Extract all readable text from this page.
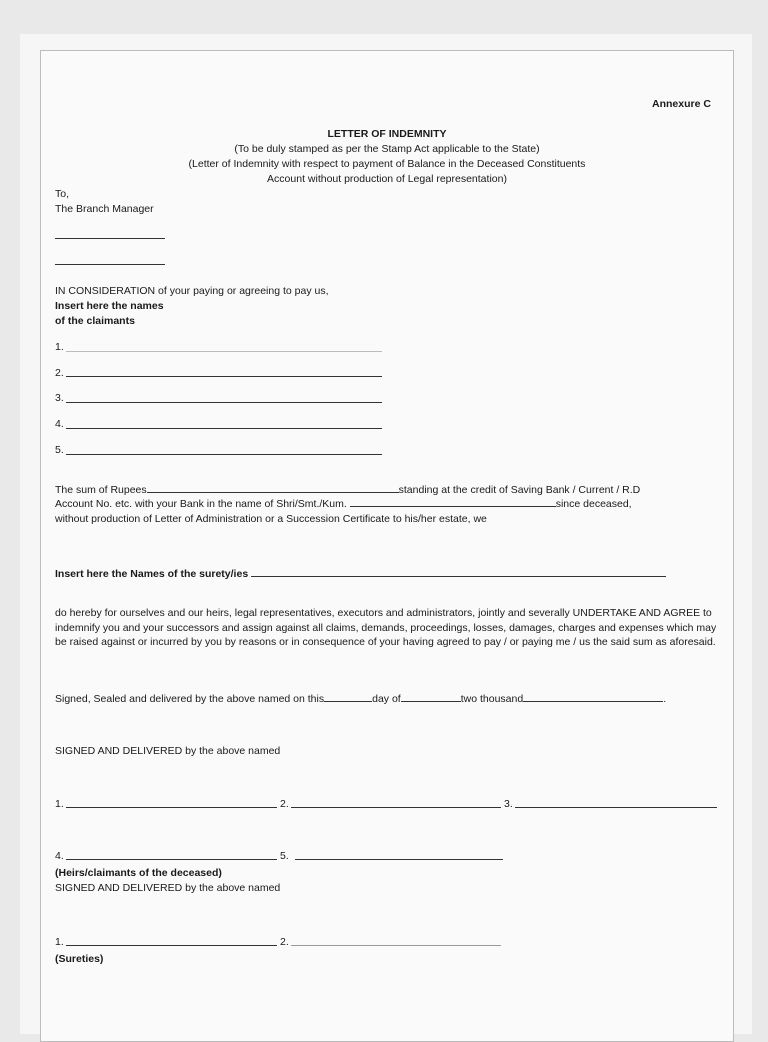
Annexure C
LETTER OF INDEMNITY
(To be duly stamped as per the Stamp Act applicable to the State)
(Letter of Indemnity with respect to payment of Balance in the Deceased Constituents
Account without production of Legal representation)
To,
The Branch Manager
IN CONSIDERATION of your paying or agreeing to pay us,
Insert here the names
of the claimants
1.
2.
3.
4.
5.
The sum of Rupees	standing at the credit of Saving Bank / Current / R.D
Account No. etc. with your Bank in the name of Shri/Smt./Kum.	since deceased,
without production of Letter of Administration or a Succession Certificate to his/her estate, we
Insert here the Names of the surety/ies
do hereby for ourselves and our heirs, legal representatives, executors and administrators, jointly and severally UNDERTAKE AND AGREE to indemnify you and your successors and assign against all claims, demands, proceedings, losses, damages, charges and expenses which may be raised against or incurred by you by reasons or in consequence of your having agreed to pay / or paying me / us the said sum as aforesaid.
Signed, Sealed and delivered by the above named on this	day of	two thousand	.
SIGNED AND DELIVERED by the above named
1.	2.	3.
4.	5.
(Heirs/claimants of the deceased)
SIGNED AND DELIVERED by the above named
1.	2.
(Sureties)
